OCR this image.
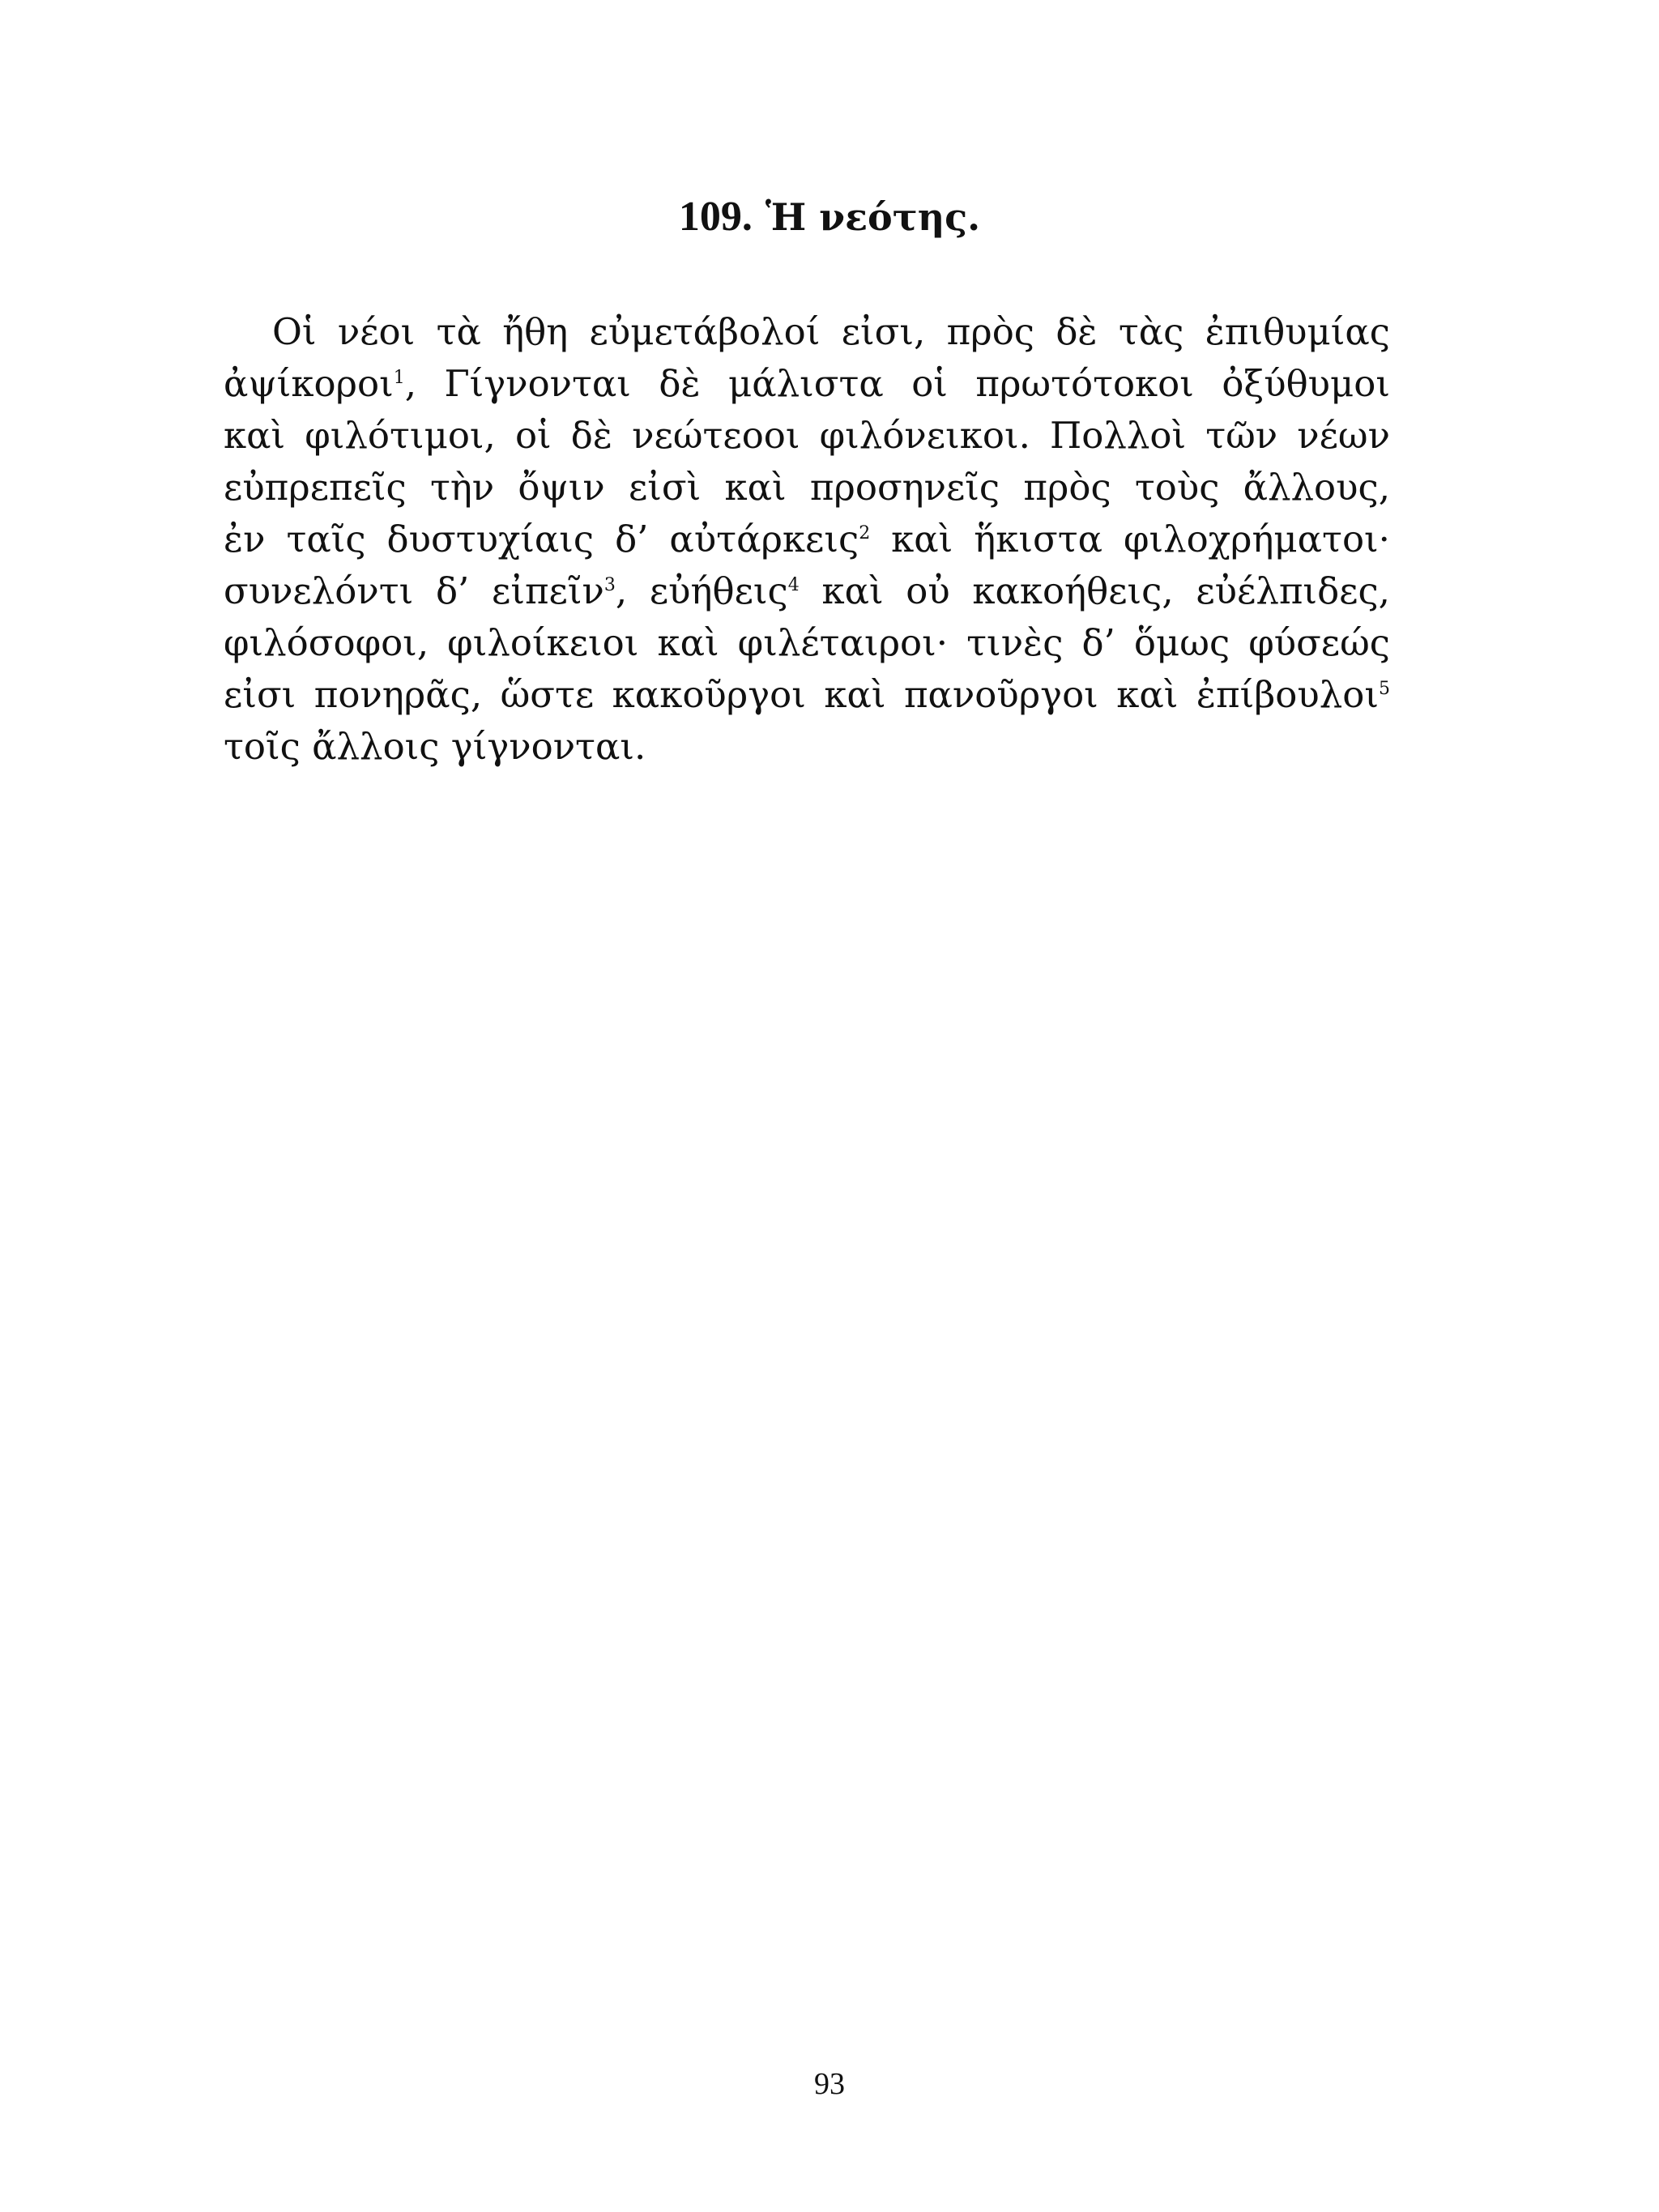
109. Ἡ νεότης.
Οἱ νέοι τὰ ἤθη εὐμετάβολοί εἰσι, πρὸς δὲ τὰς ἐπιθυμίας
ἀψίκοροι$^1$, Γίγνονται δὲ μάλιστα οἱ πρωτότοκοι ὀξύθυμοι
καὶ φιλότιμοι, οἱ δὲ νεώτεοοι φιλόνεικοι. Πολλοὶ τῶν νέων
εὐπρεπεῖς τὴν ὄψιν εἰσὶ καὶ προσηνεῖς πρὸς τοὺς ἄλλους,
ἐν ταῖς δυστυχίαις δ’ αὐτάρκεις$^2$ καὶ ἥκιστα φιλοχρήματοι·
συνελόντι δ’ εἰπεῖν$^3$, εὐήθεις$^4$ καὶ οὐ κακοήθεις, εὐέλπιδες,
φιλόσοφοι, φιλοίκειοι καὶ φιλέταιροι· τινὲς δ’ ὅμως φύσεώς
εἰσι πονηρᾶς, ὥστε κακοῦργοι καὶ πανοῦργοι καὶ ἐπίβουλοι$^5$
τοῖς ἄλλοις γίγνονται.
93
